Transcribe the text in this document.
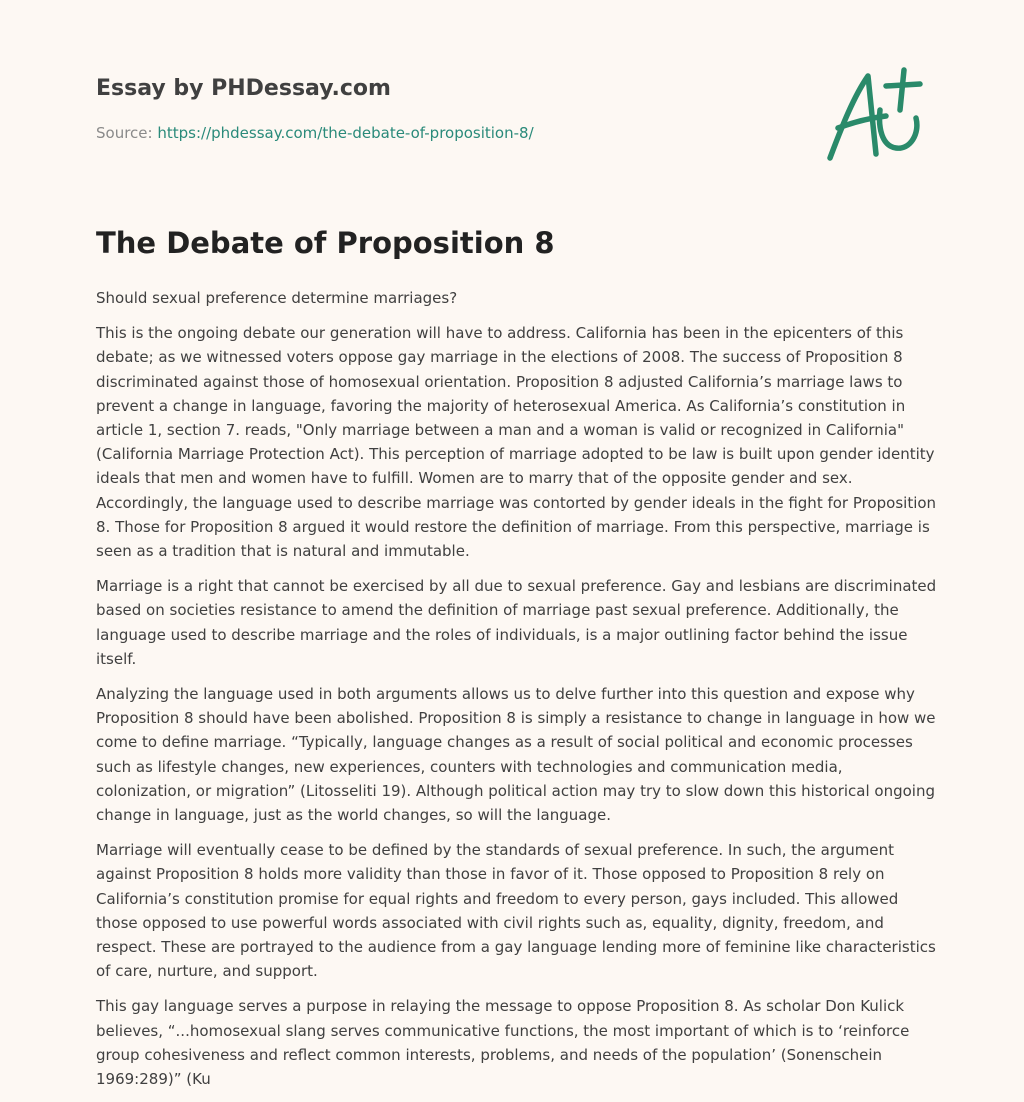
Essay by PHDessay.com
Source: https://phdessay.com/the-debate-of-proposition-8/
The Debate of Proposition 8

Should sexual preference determine marriages?

This is the ongoing debate our generation will have to address. California has been in the epicenters of this debate; as we witnessed voters oppose gay marriage in the elections of 2008. The success of Proposition 8 discriminated against those of homosexual orientation. Proposition 8 adjusted California’s marriage laws to prevent a change in language, favoring the majority of heterosexual America. As California’s constitution in article 1, section 7. reads, "Only marriage between a man and a woman is valid or recognized in California" (California Marriage Protection Act). This perception of marriage adopted to be law is built upon gender identity ideals that men and women have to fulfill. Women are to marry that of the opposite gender and sex. Accordingly, the language used to describe marriage was contorted by gender ideals in the fight for Proposition 8. Those for Proposition 8 argued it would restore the definition of marriage. From this perspective, marriage is seen as a tradition that is natural and immutable.

Marriage is a right that cannot be exercised by all due to sexual preference. Gay and lesbians are discriminated based on societies resistance to amend the definition of marriage past sexual preference. Additionally, the language used to describe marriage and the roles of individuals, is a major outlining factor behind the issue itself.

Analyzing the language used in both arguments allows us to delve further into this question and expose why Proposition 8 should have been abolished. Proposition 8 is simply a resistance to change in language in how we come to define marriage. “Typically, language changes as a result of social political and economic processes such as lifestyle changes, new experiences, counters with technologies and communication media, colonization, or migration” (Litosseliti 19). Although political action may try to slow down this historical ongoing change in language, just as the world changes, so will the language.

Marriage will eventually cease to be defined by the standards of sexual preference. In such, the argument against Proposition 8 holds more validity than those in favor of it. Those opposed to Proposition 8 rely on California’s constitution promise for equal rights and freedom to every person, gays included. This allowed those opposed to use powerful words associated with civil rights such as, equality, dignity, freedom, and respect. These are portrayed to the audience from a gay language lending more of feminine like characteristics of care, nurture, and support.

This gay language serves a purpose in relaying the message to oppose Proposition 8. As scholar Don Kulick believes, “...homosexual slang serves communicative functions, the most important of which is to ‘reinforce group cohesiveness and reflect common interests, problems, and needs of the population’ (Sonenschein 1969:289)” (Ku
